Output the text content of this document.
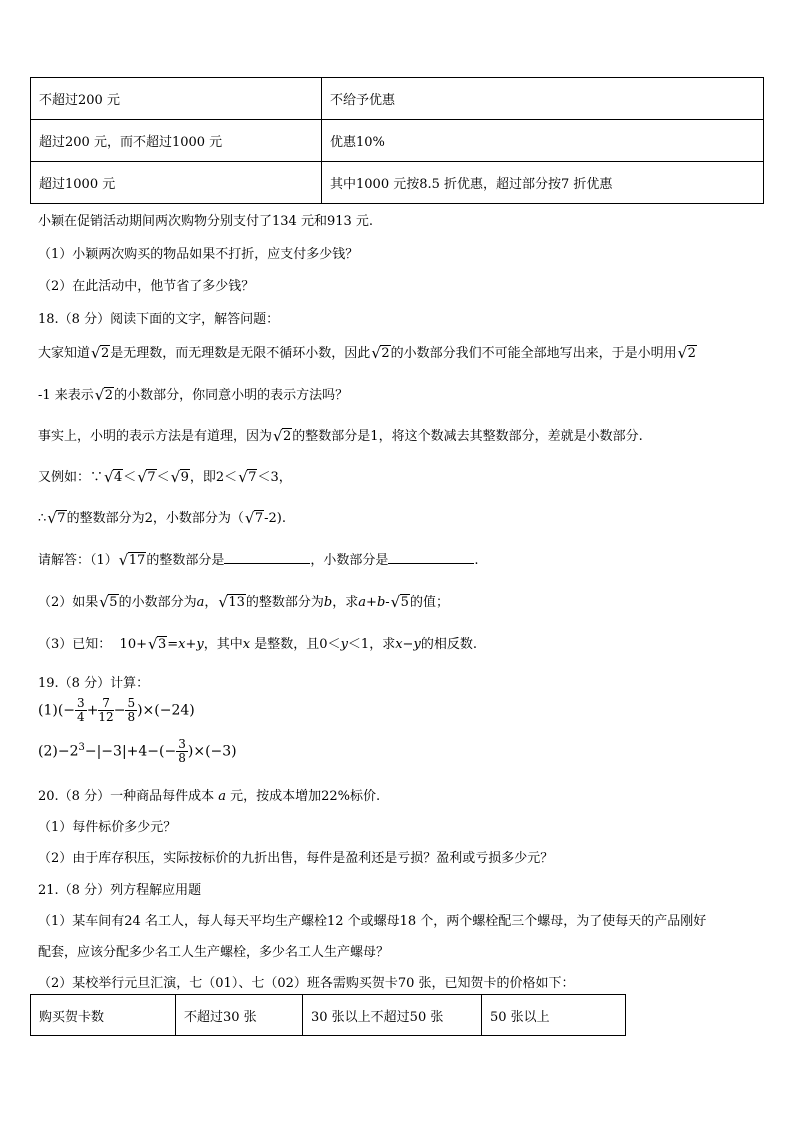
不超过200 元	不给予优惠
超过200 元，而不超过1000 元	优惠10%
超过1000 元	其中1000 元按8.5 折优惠，超过部分按7 折优惠
小颖在促销活动期间两次购物分别支付了134 元和913 元.
（1）小颖两次购买的物品如果不打折，应支付多少钱？
（2）在此活动中，他节省了多少钱？
18.（8 分）阅读下面的文字，解答问题：
大家知道 √ 2是无理数，而无理数是无限不循环小数，因此 √ 2的小数部分我们不可能全部地写出来，于是小明用 √ 2
-1 来表示 √ 2的小数部分，你同意小明的表示方法吗？
事实上，小明的表示方法是有道理，因为 √ 2的整数部分是1，将这个数减去其整数部分，差就是小数部分.
又例如：∵ √ 4＜ √ 7＜ √ 9，即2＜ √ 7＜3，
∴ √ 7的整数部分为2，小数部分为（ √ 7-2).
请解答：（1） √ 17的整数部分是	，小数部分是	.
（2）如果 √ 5的小数部分为a， √ 13的整数部分为b，求a+b- √ 5的值；
（3）已知：  10+ √ 3=x+y，其中x 是整数，且0＜y＜1，求x−y的相反数.
19.（8 分）计算：
$(1)(- \frac{3}{4} + \frac{7}{12} - \frac{5}{8} )\times(-24)$
$(2)-2^3-|-3|+4-(- \frac{3}{8} )\times(-3)$
20.（8 分）一种商品每件成本 a 元，按成本增加22%标价.
（1）每件标价多少元？
（2）由于库存积压，实际按标价的九折出售，每件是盈利还是亏损？盈利或亏损多少元？
21.（8 分）列方程解应用题
（1）某车间有24 名工人，每人每天平均生产螺栓12 个或螺母18 个，两个螺栓配三个螺母，为了使每天的产品刚好
配套，应该分配多少名工人生产螺栓，多少名工人生产螺母？
（2）某校举行元旦汇演，七（01）、七（02）班各需购买贺卡70 张，已知贺卡的价格如下：
购买贺卡数	不超过30 张	30 张以上不超过50 张	50 张以上
